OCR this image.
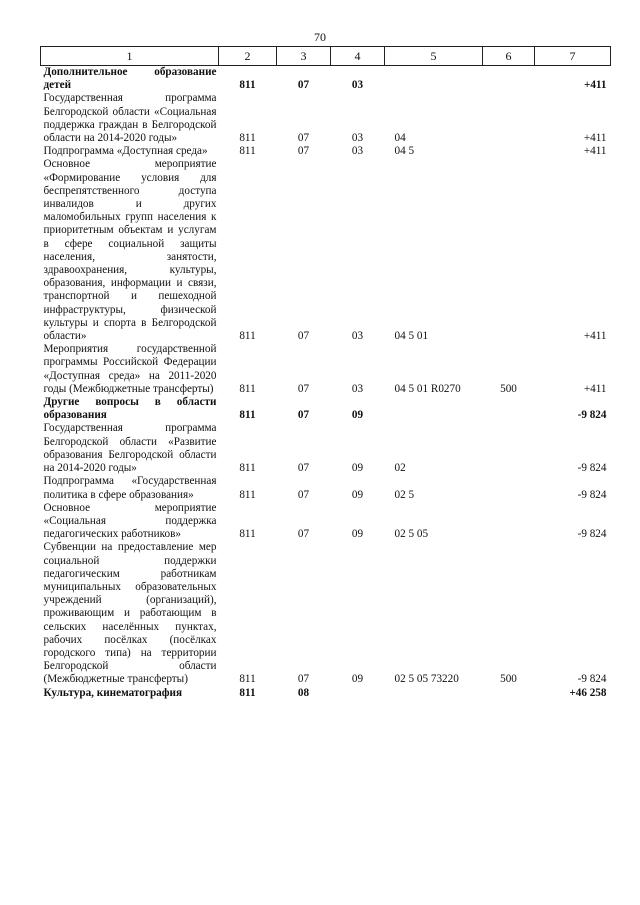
70
1	2	3	4	5	6	7
Дополнительное образование детей	811	07	03			+411
Государственная программа Белгородской области «Социальная поддержка граждан в Белгородской области на 2014-2020 годы»	811	07	03	04		+411
Подпрограмма «Доступная среда»	811	07	03	04 5		+411
Основное мероприятие «Формирование условия для беспрепятственного доступа инвалидов и других маломобильных групп населения к приоритетным объектам и услугам в сфере социальной защиты населения, занятости, здравоохранения, культуры, образования, информации и связи, транспортной и пешеходной инфраструктуры, физической культуры и спорта в Белгородской области»	811	07	03	04 5 01		+411
Мероприятия государственной программы Российской Федерации «Доступная среда» на 2011-2020 годы (Межбюджетные трансферты)	811	07	03	04 5 01 R0270	500	+411
Другие вопросы в области образования	811	07	09			-9 824
Государственная программа Белгородской области «Развитие образования Белгородской области на 2014-2020 годы»	811	07	09	02		-9 824
Подпрограмма «Государственная политика в сфере образования»	811	07	09	02 5		-9 824
Основное мероприятие «Социальная поддержка педагогических работников»	811	07	09	02 5 05		-9 824
Субвенции на предоставление мер социальной поддержки педагогическим работникам муниципальных образовательных учреждений (организаций), проживающим и работающим в сельских населённых пунктах, рабочих посёлках (посёлках городского типа) на территории Белгородской области (Межбюджетные трансферты)	811	07	09	02 5 05 73220	500	-9 824
Культура, кинематография	811	08				+46 258
